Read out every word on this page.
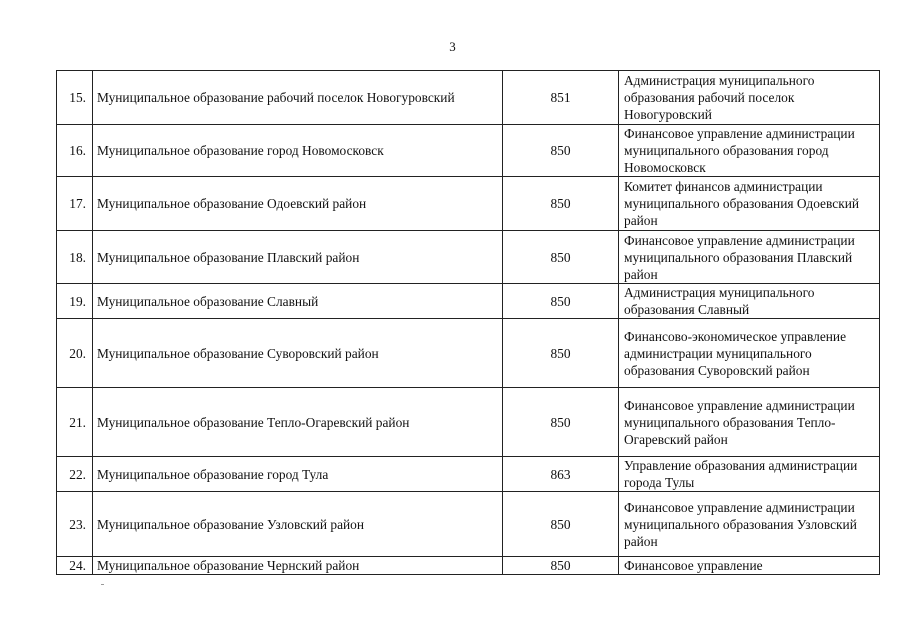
3
15.	Муниципальное образование рабочий поселок Новогуровский	851	Администрация муниципального образования рабочий поселок Новогуровский
16.	Муниципальное образование город Новомосковск	850	Финансовое управление администрации муниципального образования город Новомосковск
17.	Муниципальное образование Одоевский район	850	Комитет финансов администрации муниципального образования Одоевский район
18.	Муниципальное образование Плавский район	850	Финансовое управление администрации муниципального образования Плавский район
19.	Муниципальное образование Славный	850	Администрация муниципального образования Славный
20.	Муниципальное образование Суворовский район	850	Финансово-экономическое управление администрации муниципального образования Суворовский район
21.	Муниципальное образование Тепло-Огаревский район	850	Финансовое управление администрации муниципального образования Тепло-Огаревский район
22.	Муниципальное образование город Тула	863	Управление образования администрации города Тулы
23.	Муниципальное образование Узловский район	850	Финансовое управление администрации муниципального образования Узловский район
24.	Муниципальное образование Чернский район	850	Финансовое управление
